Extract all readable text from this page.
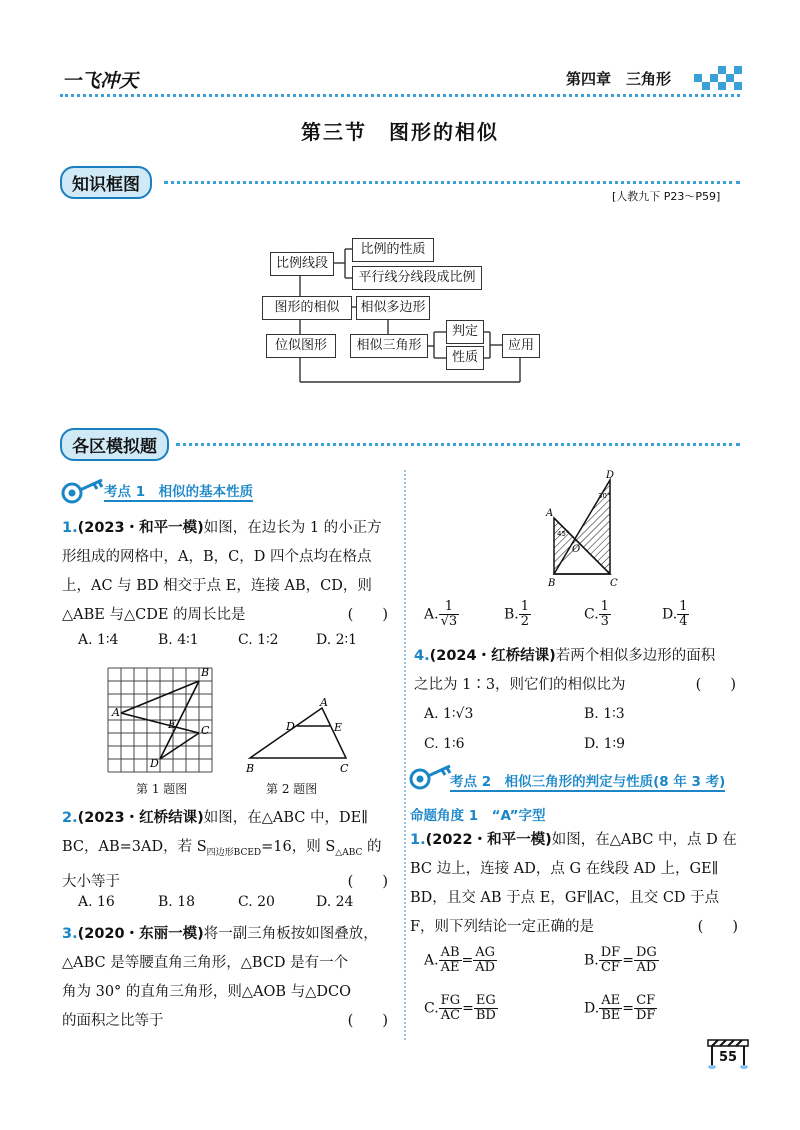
一飞冲天	第四章　三角形
第三节　图形的相似
知识框图
[人教九下 P23～P59]
比例线段
比例的性质
平行线分线段成比例
图形的相似	相似多边形
位似图形	相似三角形
判定
性质
应用
各区模拟题
考点 1　相似的基本性质
1.(2023・和平一模)如图，在边长为 1 的小正方
形组成的网格中，A，B，C，D 四个点均在格点
上，AC 与 BD 相交于点 E，连接 AB，CD，则
△ABE 与△CDE 的周长比是	(　　)
A. 1∶4	B. 4∶1	C. 1∶2	D. 2∶1
A
B
C
D
E
第 1 题图
A
B	C
D	E
第 2 题图
2.(2023・红桥结课)如图，在△ABC 中，DE∥
BC，AB=3AD，若 $S_{四边形BCED}=16$，则 $S_{\triangle ABC}$ 的
大小等于	(　　)
A. 16	B. 18	C. 20	D. 24
3.(2020・东丽一模)将一副三角板按如图叠放，
△ABC 是等腰直角三角形，△BCD 是有一个
角为 30° 的直角三角形，则△AOB 与△DCO
的面积之比等于	(　　)
D
A
B	C
O
45°
30°
A. $\frac{1}{√3}$	B. $\frac{1}{2}$	C. $\frac{1}{3}$	D. $\frac{1}{4}$
4.(2024・红桥结课)若两个相似多边形的面积
之比为 1∶3，则它们的相似比为	(　　)
A. 1∶√3	B. 1∶3
C. 1∶6	D. 1∶9
考点 2　相似三角形的判定与性质(8 年 3 考)
命题角度 1　“A”字型
1.(2022・和平一模)如图，在△ABC 中，点 D 在
BC 边上，连接 AD，点 G 在线段 AD 上，GE∥
BD，且交 AB 于点 E，GF∥AC，且交 CD 于点
F，则下列结论一定正确的是	(　　)
A. $\frac{AB}{AE} = \frac{AG}{AD}$	B. $\frac{DF}{CF} = \frac{DG}{AD}$
C. $\frac{FG}{AC} = \frac{EG}{BD}$	D. $\frac{AE}{BE} = \frac{CF}{DF}$
55
